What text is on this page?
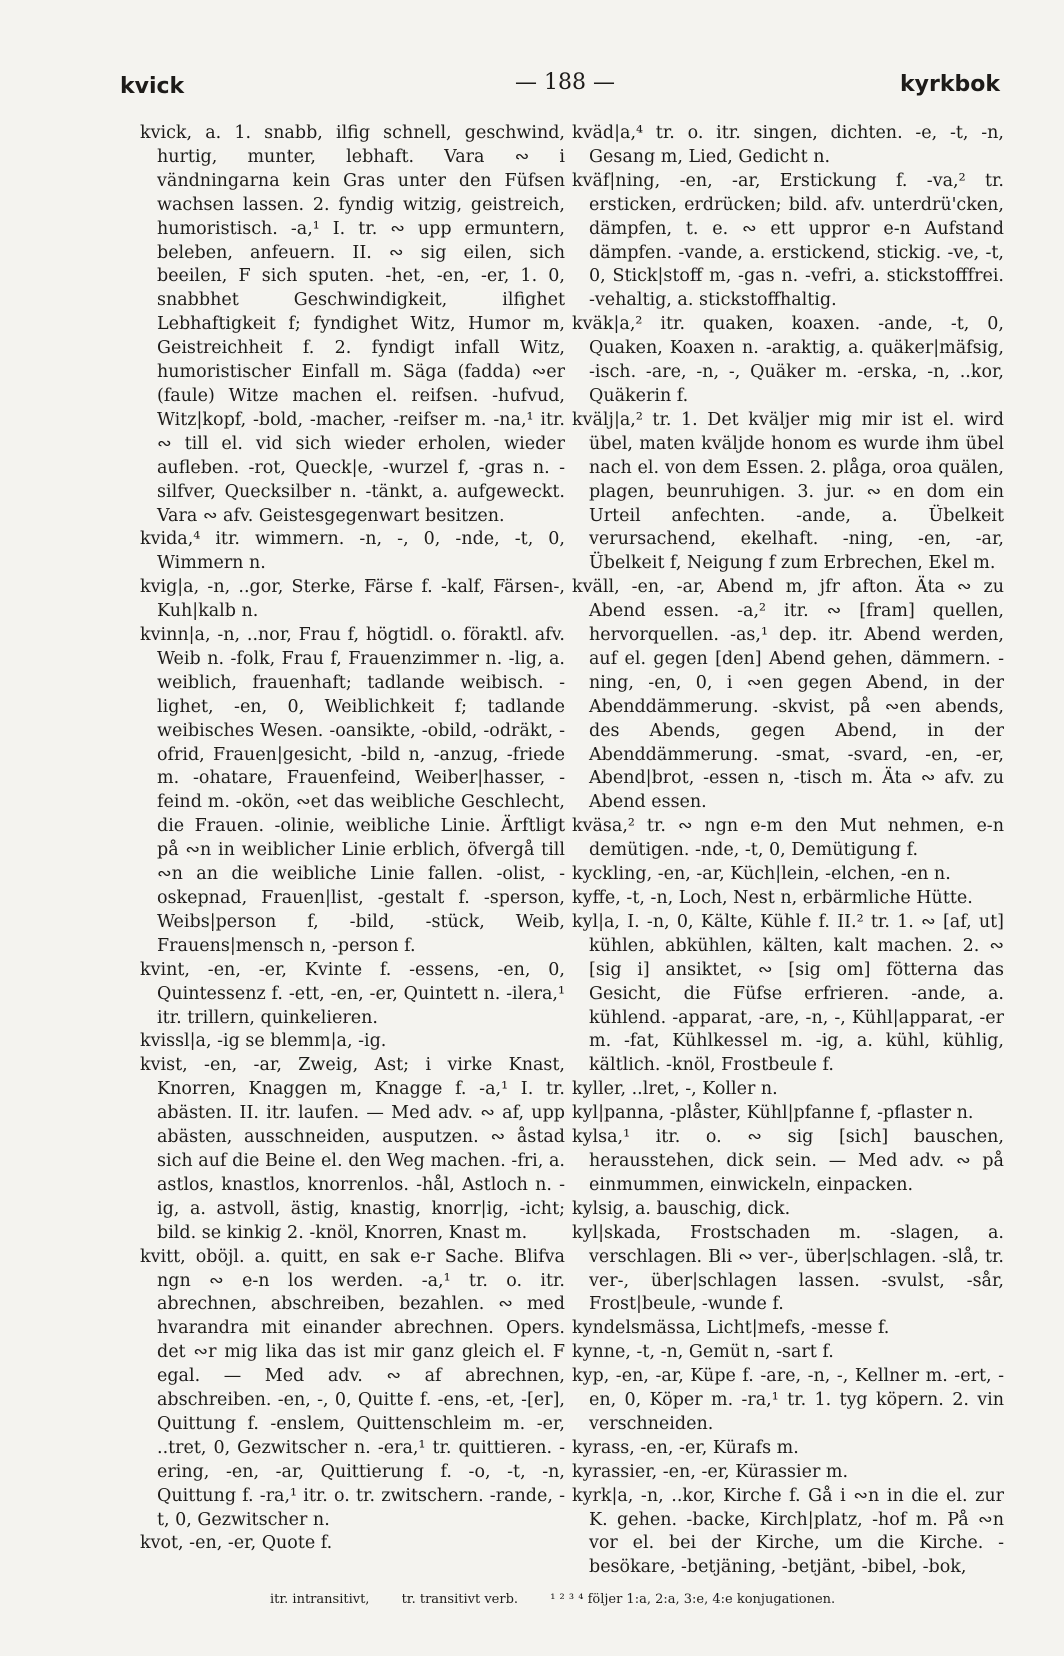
kvick	— 188 —	kyrkbok

kvick, a. 1. snabb, ilfig schnell, geschwind, hurtig, munter, lebhaft. Vara ∾ i vändningarna kein Gras unter den Füfsen wachsen lassen. 2. fyndig witzig, geistreich, humoristisch. -a,¹ I. tr. ∾ upp ermuntern, beleben, anfeuern. II. ∾ sig eilen, sich beeilen, F sich sputen. -het, -en, -er, 1. 0, snabbhet Geschwindigkeit, ilfighet Lebhaftigkeit f; fyndighet Witz, Humor m, Geistreichheit f. 2. fyndigt infall Witz, humoristischer Einfall m. Säga (fadda) ∾er (faule) Witze machen el. reifsen. -hufvud, Witz|kopf, -bold, -macher, -reifser m. -na,¹ itr. ∾ till el. vid sich wieder erholen, wieder aufleben. -rot, Queck|e, -wurzel f, -gras n. -silfver, Quecksilber n. -tänkt, a. aufgeweckt. Vara ∾ afv. Geistesgegenwart besitzen.

kvida,⁴ itr. wimmern. -n, -, 0, -nde, -t, 0, Wimmern n.

kvig|a, -n, ..gor, Sterke, Färse f. -kalf, Färsen-, Kuh|kalb n.

kvinn|a, -n, ..nor, Frau f, högtidl. o. föraktl. afv. Weib n. -folk, Frau f, Frauenzimmer n. -lig, a. weiblich, frauenhaft; tadlande weibisch. -lighet, -en, 0, Weiblichkeit f; tadlande weibisches Wesen. -oansikte, -obild, -odräkt, -ofrid, Frauen|gesicht, -bild n, -anzug, -friede m. -ohatare, Frauenfeind, Weiber|hasser, -feind m. -okön, ∾et das weibliche Geschlecht, die Frauen. -olinie, weibliche Linie. Ärftligt på ∾n in weiblicher Linie erblich, öfvergå till ∾n an die weibliche Linie fallen. -olist, -oskepnad, Frauen|list, -gestalt f. -sperson, Weibs|person f, -bild, -stück, Weib, Frauens|mensch n, -person f.

kvint, -en, -er, Kvinte f. -essens, -en, 0, Quintessenz f. -ett, -en, -er, Quintett n. -ilera,¹ itr. trillern, quinkelieren.

kvissl|a, -ig se blemm|a, -ig.

kvist, -en, -ar, Zweig, Ast; i virke Knast, Knorren, Knaggen m, Knagge f. -a,¹ I. tr. abästen. II. itr. laufen. — Med adv. ∾ af, upp abästen, ausschneiden, ausputzen. ∾ åstad sich auf die Beine el. den Weg machen. -fri, a. astlos, knastlos, knorrenlos. -hål, Astloch n. -ig, a. astvoll, ästig, knastig, knorr|ig, -icht; bild. se kinkig 2. -knöl, Knorren, Knast m.

kvitt, oböjl. a. quitt, en sak e-r Sache. Blifva ngn ∾ e-n los werden. -a,¹ tr. o. itr. abrechnen, abschreiben, bezahlen. ∾ med hvarandra mit einander abrechnen. Opers. det ∾r mig lika das ist mir ganz gleich el. F egal. — Med adv. ∾ af abrechnen, abschreiben. -en, -, 0, Quitte f. -ens, -et, -[er], Quittung f. -enslem, Quittenschleim m. -er, ..tret, 0, Gezwitscher n. -era,¹ tr. quittieren. -ering, -en, -ar, Quittierung f. -o, -t, -n, Quittung f. -ra,¹ itr. o. tr. zwitschern. -rande, -t, 0, Gezwitscher n.

kvot, -en, -er, Quote f.

kväd|a,⁴ tr. o. itr. singen, dichten. -e, -t, -n, Gesang m, Lied, Gedicht n.

kväf|ning, -en, -ar, Erstickung f. -va,² tr. ersticken, erdrücken; bild. afv. unterdrü'cken, dämpfen, t. e. ∾ ett uppror e-n Aufstand dämpfen. -vande, a. erstickend, stickig. -ve, -t, 0, Stick|stoff m, -gas n. -vefri, a. stickstofffrei. -vehaltig, a. stickstoffhaltig.

kväk|a,² itr. quaken, koaxen. -ande, -t, 0, Quaken, Koaxen n. -araktig, a. quäker|mäfsig, -isch. -are, -n, -, Quäker m. -erska, -n, ..kor, Quäkerin f.

kvälj|a,² tr. 1. Det kväljer mig mir ist el. wird übel, maten kväljde honom es wurde ihm übel nach el. von dem Essen. 2. plåga, oroa quälen, plagen, beunruhigen. 3. jur. ∾ en dom ein Urteil anfechten. -ande, a. Übelkeit verursachend, ekelhaft. -ning, -en, -ar, Übelkeit f, Neigung f zum Erbrechen, Ekel m.

kväll, -en, -ar, Abend m, jfr afton. Äta ∾ zu Abend essen. -a,² itr. ∾ [fram] quellen, hervorquellen. -as,¹ dep. itr. Abend werden, auf el. gegen [den] Abend gehen, dämmern. -ning, -en, 0, i ∾en gegen Abend, in der Abenddämmerung. -skvist, på ∾en abends, des Abends, gegen Abend, in der Abenddämmerung. -smat, -svard, -en, -er, Abend|brot, -essen n, -tisch m. Äta ∾ afv. zu Abend essen.

kväsa,² tr. ∾ ngn e-m den Mut nehmen, e-n demütigen. -nde, -t, 0, Demütigung f.

kyckling, -en, -ar, Küch|lein, -elchen, -en n.

kyffe, -t, -n, Loch, Nest n, erbärmliche Hütte.

kyl|a, I. -n, 0, Kälte, Kühle f. II.² tr. 1. ∾ [af, ut] kühlen, abkühlen, kälten, kalt machen. 2. ∾ [sig i] ansiktet, ∾ [sig om] fötterna das Gesicht, die Füfse erfrieren. -ande, a. kühlend. -apparat, -are, -n, -, Kühl|apparat, -er m. -fat, Kühlkessel m. -ig, a. kühl, kühlig, kältlich. -knöl, Frostbeule f.

kyller, ..lret, -, Koller n.

kyl|panna, -plåster, Kühl|pfanne f, -pflaster n.

kylsa,¹ itr. o. ∾ sig [sich] bauschen, herausstehen, dick sein. — Med adv. ∾ på einmummen, einwickeln, einpacken.

kylsig, a. bauschig, dick.

kyl|skada, Frostschaden m. -slagen, a. verschlagen. Bli ∾ ver-, über|schlagen. -slå, tr. ver-, über|schlagen lassen. -svulst, -sår, Frost|beule, -wunde f.

kyndelsmässa, Licht|mefs, -messe f.

kynne, -t, -n, Gemüt n, -sart f.

kyp, -en, -ar, Küpe f. -are, -n, -, Kellner m. -ert, -en, 0, Köper m. -ra,¹ tr. 1. tyg köpern. 2. vin verschneiden.

kyrass, -en, -er, Kürafs m.

kyrassier, -en, -er, Kürassier m.

kyrk|a, -n, ..kor, Kirche f. Gå i ∾n in die el. zur K. gehen. -backe, Kirch|platz, -hof m. På ∾n vor el. bei der Kirche, um die Kirche. -besökare, -betjäning, -betjänt, -bibel, -bok,

itr. intransitivt, tr. transitivt verb. ¹ ² ³ ⁴ följer 1:a, 2:a, 3:e, 4:e konjugationen.
